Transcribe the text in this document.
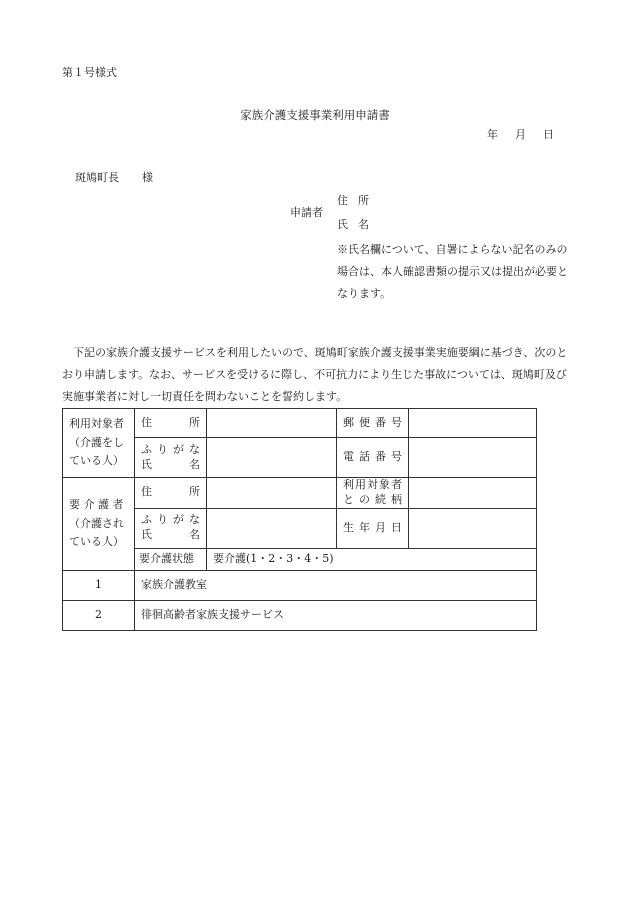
第１号様式
家族介護支援事業利用申請書
年 月 日
斑鳩町長 様
申請者
住所
氏名
※氏名欄について、自署によらない記名のみの場合は、本人確認書類の提示又は提出が必要となります。
下記の家族介護支援サービスを利用したいので、斑鳩町家族介護支援事業実施要綱に基づき、次のとおり申請します。なお、サービスを受けるに際し、不可抗力により生じた事故については、斑鳩町及び実施事業者に対し一切責任を問わないことを誓約します。
利用対象者（介護をしている人）	住　　所		郵 便 番 号	

	ふ り が な
氏　　名		電 話 番 号	
要 介 護 者（介護されている人）	住　　所		利用対象者との続柄	

	ふ り が な
氏　　名		生 年 月 日	
	要介護状態	要介護(1・2・3・4・5)		
1	家族介護教室			
2	徘徊高齢者家族支援サービス			
